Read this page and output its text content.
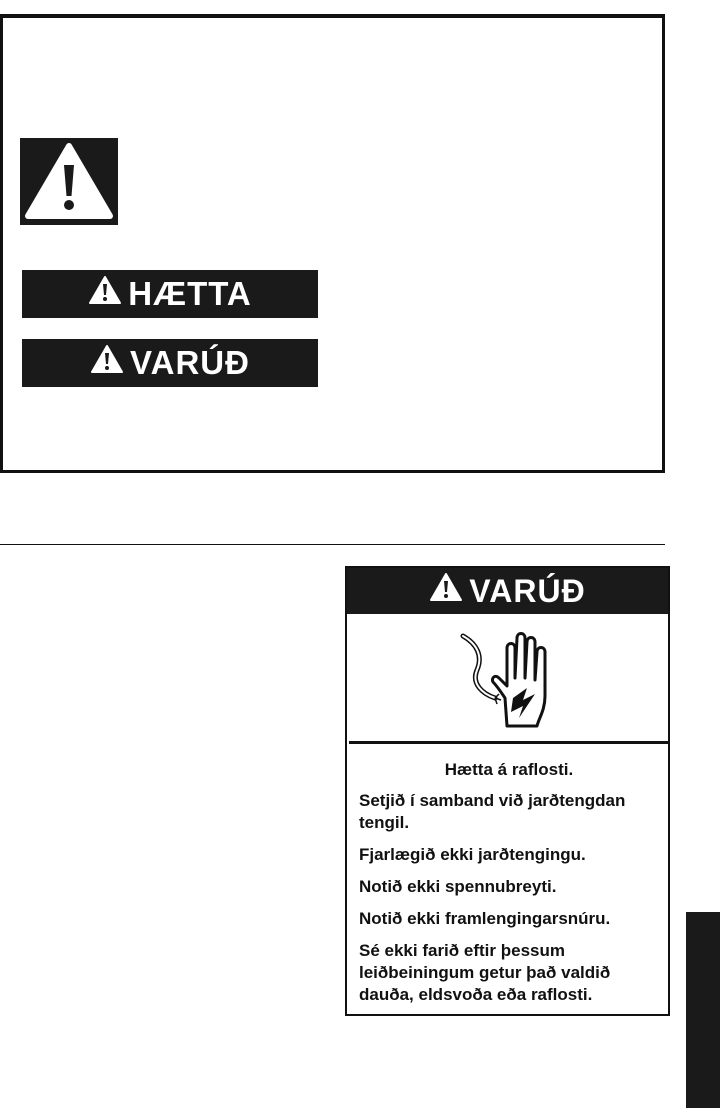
HÆTTA
VARÚÐ
VARÚÐ

Hætta á raflosti.

Setjið í samband við jarðtengdan tengil.

Fjarlægið ekki jarðtengingu.

Notið ekki spennubreyti.

Notið ekki framlengingarsnúru.

Sé ekki farið eftir þessum leiðbeiningum getur það valdið dauða, eldsvoða eða raflosti.
